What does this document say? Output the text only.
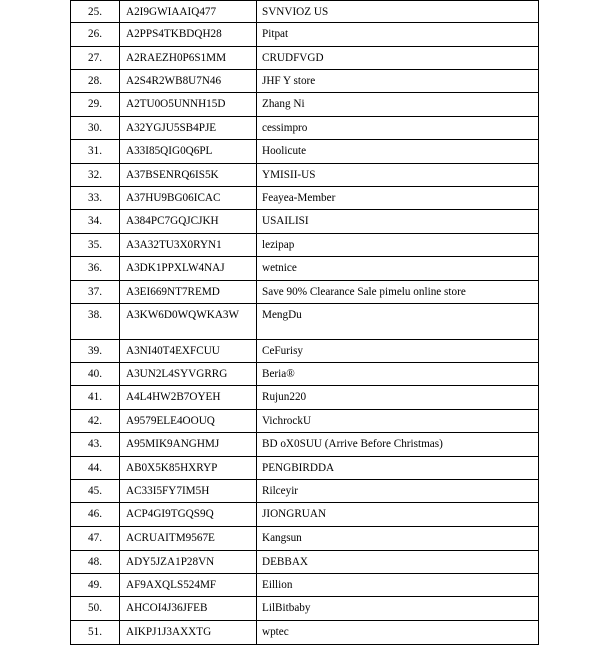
25.	A2I9GWIAAIQ477	SVNVIOZ US

26.	A2PPS4TKBDQH28	Pitpat

27.	A2RAEZH0P6S1MM	CRUDFVGD

28.	A2S4R2WB8U7N46	JHF Y store

29.	A2TU0O5UNNH15D	Zhang Ni

30.	A32YGJU5SB4PJE	cessimpro

31.	A33I85QIG0Q6PL	Hoolicute

32.	A37BSENRQ6IS5K	YMISII-US

33.	A37HU9BG06ICAC	Feayea-Member

34.	A384PC7GQJCJKH	USAILISI

35.	A3A32TU3X0RYN1	lezipap

36.	A3DK1PPXLW4NAJ	wetnice

37.	A3EI669NT7REMD	Save 90% Clearance Sale pimelu online store

38.	A3KW6D0WQWKA3W	MengDu

39.	A3NI40T4EXFCUU	CeFurisy

40.	A3UN2L4SYVGRRG	Beria®

41.	A4L4HW2B7OYEH	Rujun220

42.	A9579ELE4OOUQ	VichrockU

43.	A95MIK9ANGHMJ	BD oX0SUU (Arrive Before Christmas)

44.	AB0X5K85HXRYP	PENGBIRDDA

45.	AC33I5FY7IM5H	Rilceyir

46.	ACP4GI9TGQS9Q	JIONGRUAN

47.	ACRUAITM9567E	Kangsun

48.	ADY5JZA1P28VN	DEBBAX

49.	AF9AXQLS524MF	Eillion

50.	AHCOI4J36JFEB	LilBitbaby

51.	AIKPJ1J3AXXTG	wptec
